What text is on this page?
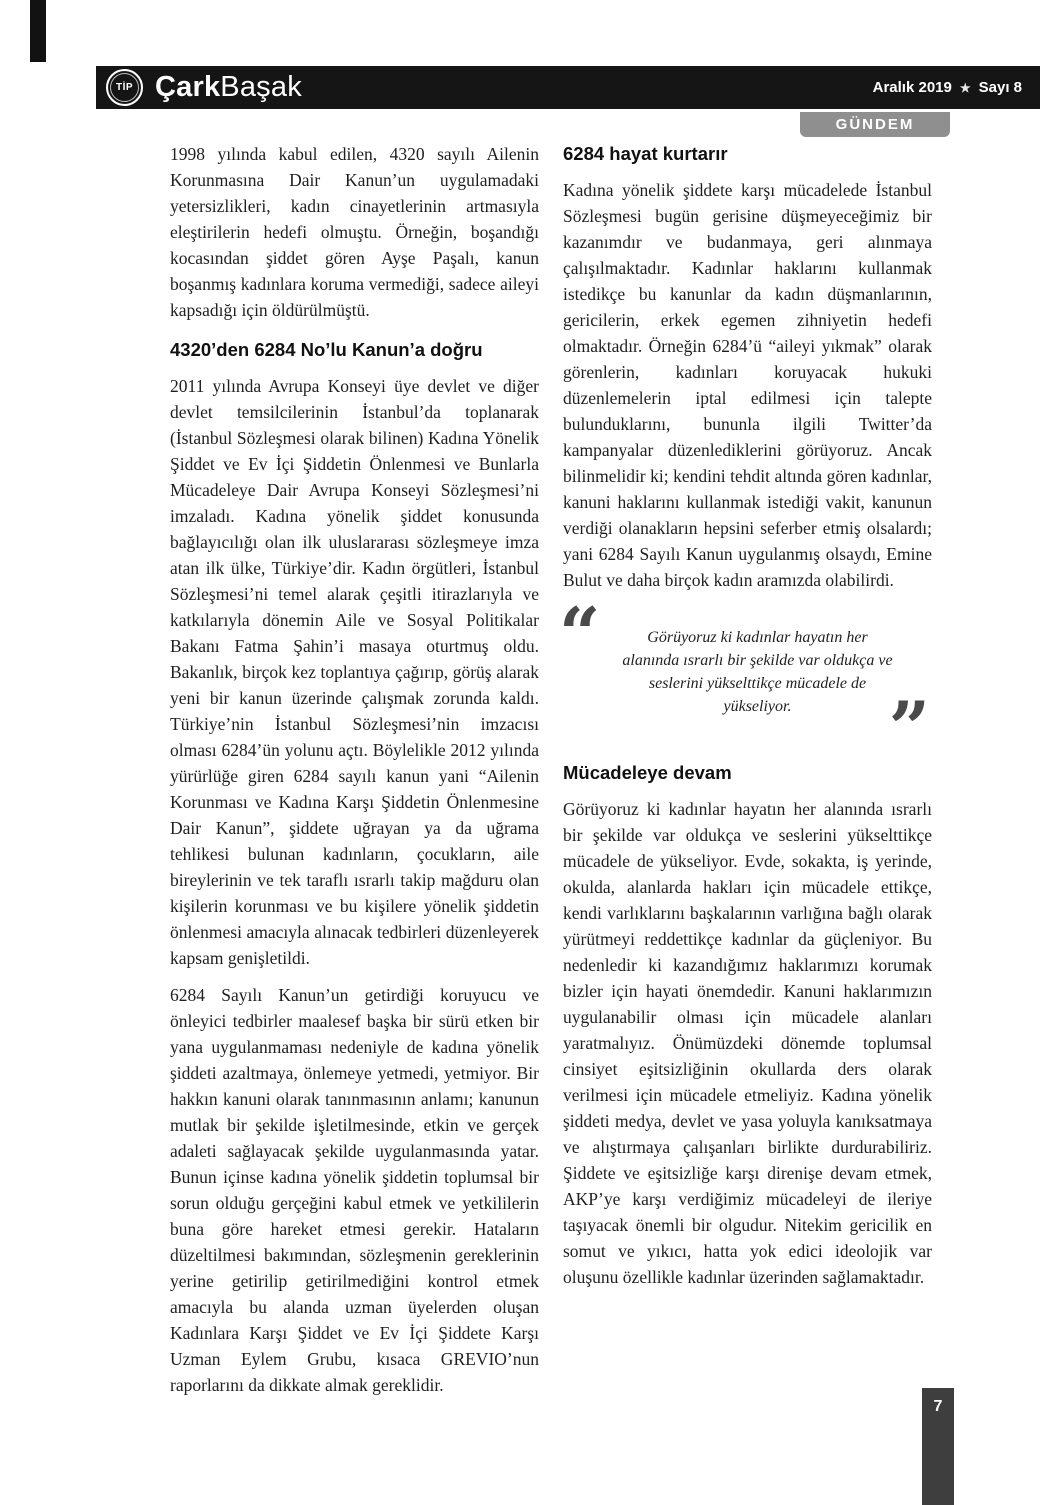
TİP ÇarkBaşak	Aralık 2019 ★ Sayı 8
GÜNDEM

1998 yılında kabul edilen, 4320 sayılı Ailenin Korunmasına Dair Kanun’un uygulamadaki yetersizlikleri, kadın cinayetlerinin artmasıyla eleştirilerin hedefi olmuştu. Örneğin, boşandığı kocasından şiddet gören Ayşe Paşalı, kanun boşanmış kadınlara koruma vermediği, sadece aileyi kapsadığı için öldürülmüştü.

4320’den 6284 No’lu Kanun’a doğru

2011 yılında Avrupa Konseyi üye devlet ve diğer devlet temsilcilerinin İstanbul’da toplanarak (İstanbul Sözleşmesi olarak bilinen) Kadına Yönelik Şiddet ve Ev İçi Şiddetin Önlenmesi ve Bunlarla Mücadeleye Dair Avrupa Konseyi Sözleşmesi’ni imzaladı. Kadına yönelik şiddet konusunda bağlayıcılığı olan ilk uluslararası sözleşmeye imza atan ilk ülke, Türkiye’dir. Kadın örgütleri, İstanbul Sözleşmesi’ni temel alarak çeşitli itirazlarıyla ve katkılarıyla dönemin Aile ve Sosyal Politikalar Bakanı Fatma Şahin’i masaya oturtmuş oldu. Bakanlık, birçok kez toplantıya çağırıp, görüş alarak yeni bir kanun üzerinde çalışmak zorunda kaldı. Türkiye’nin İstanbul Sözleşmesi’nin imzacısı olması 6284’ün yolunu açtı. Böylelikle 2012 yılında yürürlüğe giren 6284 sayılı kanun yani “Ailenin Korunması ve Kadına Karşı Şiddetin Önlenmesine Dair Kanun”, şiddete uğrayan ya da uğrama tehlikesi bulunan kadınların, çocukların, aile bireylerinin ve tek taraflı ısrarlı takip mağduru olan kişilerin korunması ve bu kişilere yönelik şiddetin önlenmesi amacıyla alınacak tedbirleri düzenleyerek kapsam genişletildi.

6284 Sayılı Kanun’un getirdiği koruyucu ve önleyici tedbirler maalesef başka bir sürü etken bir yana uygulanmaması nedeniyle de kadına yönelik şiddeti azaltmaya, önlemeye yetmedi, yetmiyor. Bir hakkın kanuni olarak tanınmasının anlamı; kanunun mutlak bir şekilde işletilmesinde, etkin ve gerçek adaleti sağlayacak şekilde uygulanmasında yatar. Bunun içinse kadına yönelik şiddetin toplumsal bir sorun olduğu gerçeğini kabul etmek ve yetkililerin buna göre hareket etmesi gerekir. Hataların düzeltilmesi bakımından, sözleşmenin gereklerinin yerine getirilip getirilmediğini kontrol etmek amacıyla bu alanda uzman üyelerden oluşan Kadınlara Karşı Şiddet ve Ev İçi Şiddete Karşı Uzman Eylem Grubu, kısaca GREVIO’nun raporlarını da dikkate almak gereklidir.

6284 hayat kurtarır

Kadına yönelik şiddete karşı mücadelede İstanbul Sözleşmesi bugün gerisine düşmeyeceğimiz bir kazanımdır ve budanmaya, geri alınmaya çalışılmaktadır. Kadınlar haklarını kullanmak istedikçe bu kanunlar da kadın düşmanlarının, gericilerin, erkek egemen zihniyetin hedefi olmaktadır. Örneğin 6284’ü “aileyi yıkmak” olarak görenlerin, kadınları koruyacak hukuki düzenlemelerin iptal edilmesi için talepte bulunduklarını, bununla ilgili Twitter’da kampanyalar düzenlediklerini görüyoruz. Ancak bilinmelidir ki; kendini tehdit altında gören kadınlar, kanuni haklarını kullanmak istediği vakit, kanunun verdiği olanakların hepsini seferber etmiş olsalardı; yani 6284 Sayılı Kanun uygulanmış olsaydı, Emine Bulut ve daha birçok kadın aramızda olabilirdi.

“	Görüyoruz ki kadınlar hayatın her alanında ısrarlı bir şekilde var oldukça ve seslerini yükselttikçe mücadele de yükseliyor.	”
Mücadeleye devam

Görüyoruz ki kadınlar hayatın her alanında ısrarlı bir şekilde var oldukça ve seslerini yükselttikçe mücadele de yükseliyor. Evde, sokakta, iş yerinde, okulda, alanlarda hakları için mücadele ettikçe, kendi varlıklarını başkalarının varlığına bağlı olarak yürütmeyi reddettikçe kadınlar da güçleniyor. Bu nedenledir ki kazandığımız haklarımızı korumak bizler için hayati önemdedir. Kanuni haklarımızın uygulanabilir olması için mücadele alanları yaratmalıyız. Önümüzdeki dönemde toplumsal cinsiyet eşitsizliğinin okullarda ders olarak verilmesi için mücadele etmeliyiz. Kadına yönelik şiddeti medya, devlet ve yasa yoluyla kanıksatmaya ve alıştırmaya çalışanları birlikte durdurabiliriz. Şiddete ve eşitsizliğe karşı direnişe devam etmek, AKP’ye karşı verdiğimiz mücadeleyi de ileriye taşıyacak önemli bir olgudur. Nitekim gericilik en somut ve yıkıcı, hatta yok edici ideolojik var oluşunu özellikle kadınlar üzerinden sağlamaktadır.

7
